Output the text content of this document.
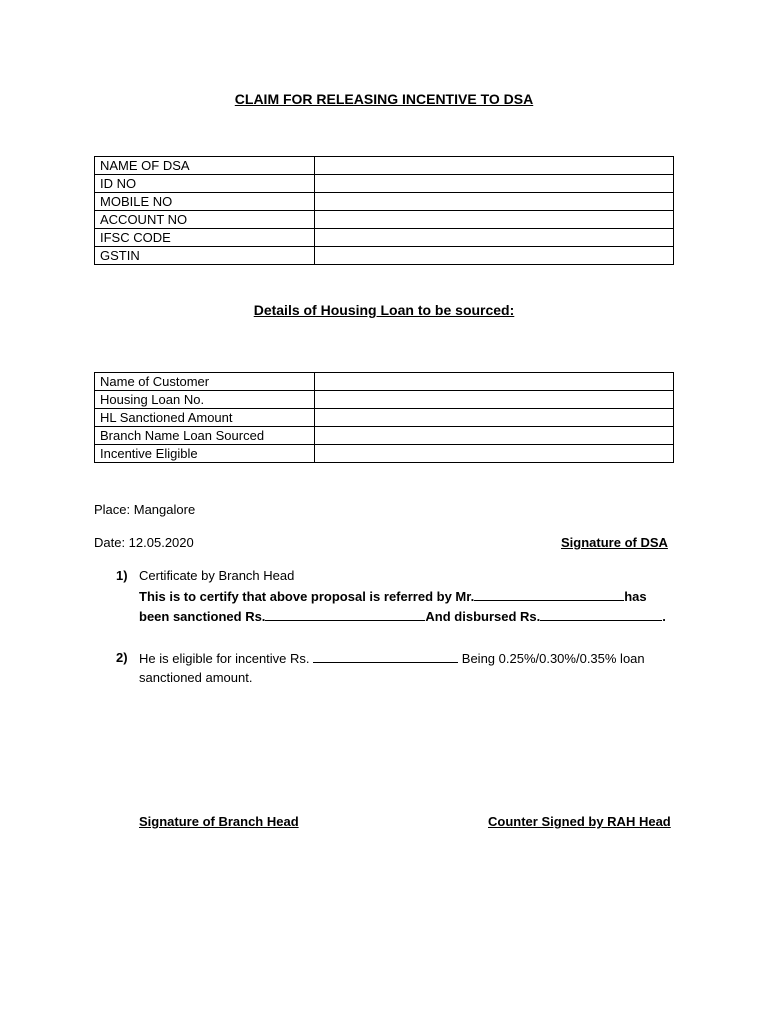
CLAIM FOR RELEASING INCENTIVE TO DSA
NAME OF DSA	
ID NO	
MOBILE NO	
ACCOUNT NO	
IFSC CODE	
GSTIN	
Details of Housing Loan to be sourced:
Name of Customer	
Housing Loan No.	
HL Sanctioned Amount	
Branch Name Loan Sourced	
Incentive Eligible	
Place: Mangalore
Date: 12.05.2020	Signature of DSA
1) Certificate by Branch Head
This is to certify that above proposal is referred by Mr.	has
been sanctioned Rs.	And disbursed Rs.	.
2) He is eligible for incentive Rs.	Being 0.25%/0.30%/0.35% loan
sanctioned amount.
Signature of Branch Head	Counter Signed by RAH Head
